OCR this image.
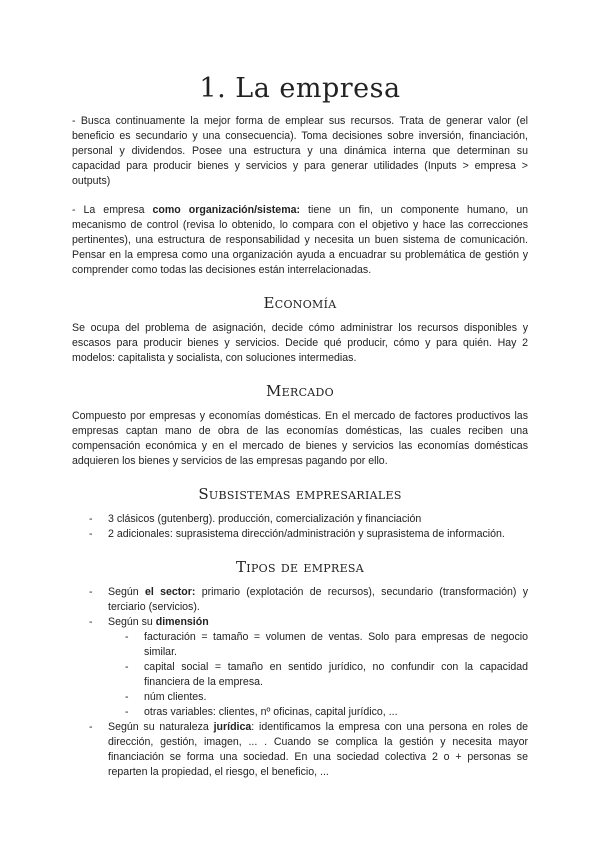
1. La empresa

- Busca continuamente la mejor forma de emplear sus recursos. Trata de generar valor (el beneficio es secundario y una consecuencia). Toma decisiones sobre inversión, financiación, personal y dividendos. Posee una estructura y una dinámica interna que determinan su capacidad para producir bienes y servicios y para generar utilidades (Inputs > empresa > outputs)

- La empresa como organización/sistema: tiene un fin, un componente humano, un mecanismo de control (revisa lo obtenido, lo compara con el objetivo y hace las correcciones pertinentes), una estructura de responsabilidad y necesita un buen sistema de comunicación. Pensar en la empresa como una organización ayuda a encuadrar su problemática de gestión y comprender como todas las decisiones están interrelacionadas.

Economía

Se ocupa del problema de asignación, decide cómo administrar los recursos disponibles y escasos para producir bienes y servicios. Decide qué producir, cómo y para quién. Hay 2 modelos: capitalista y socialista, con soluciones intermedias.

Mercado

Compuesto por empresas y economías domésticas. En el mercado de factores productivos las empresas captan mano de obra de las economías domésticas, las cuales reciben una compensación económica y en el mercado de bienes y servicios las economías domésticas adquieren los bienes y servicios de las empresas pagando por ello.

Subsistemas empresariales
- 3 clásicos (gutenberg). producción, comercialización y financiación
- 2 adicionales: suprasistema dirección/administración y suprasistema de información.
Tipos de empresa
- Según el sector: primario (explotación de recursos), secundario (transformación) y terciario (servicios).
- Según su dimensión
- facturación = tamaño = volumen de ventas. Solo para empresas de negocio similar.
- capital social = tamaño en sentido jurídico, no confundir con la capacidad financiera de la empresa.
- núm clientes.
- otras variables: clientes, nº oficinas, capital jurídico, ...
- Según su naturaleza jurídica: identificamos la empresa con una persona en roles de dirección, gestión, imagen, ... . Cuando se complica la gestión y necesita mayor financiación se forma una sociedad. En una sociedad colectiva 2 o + personas se reparten la propiedad, el riesgo, el beneficio, ...
